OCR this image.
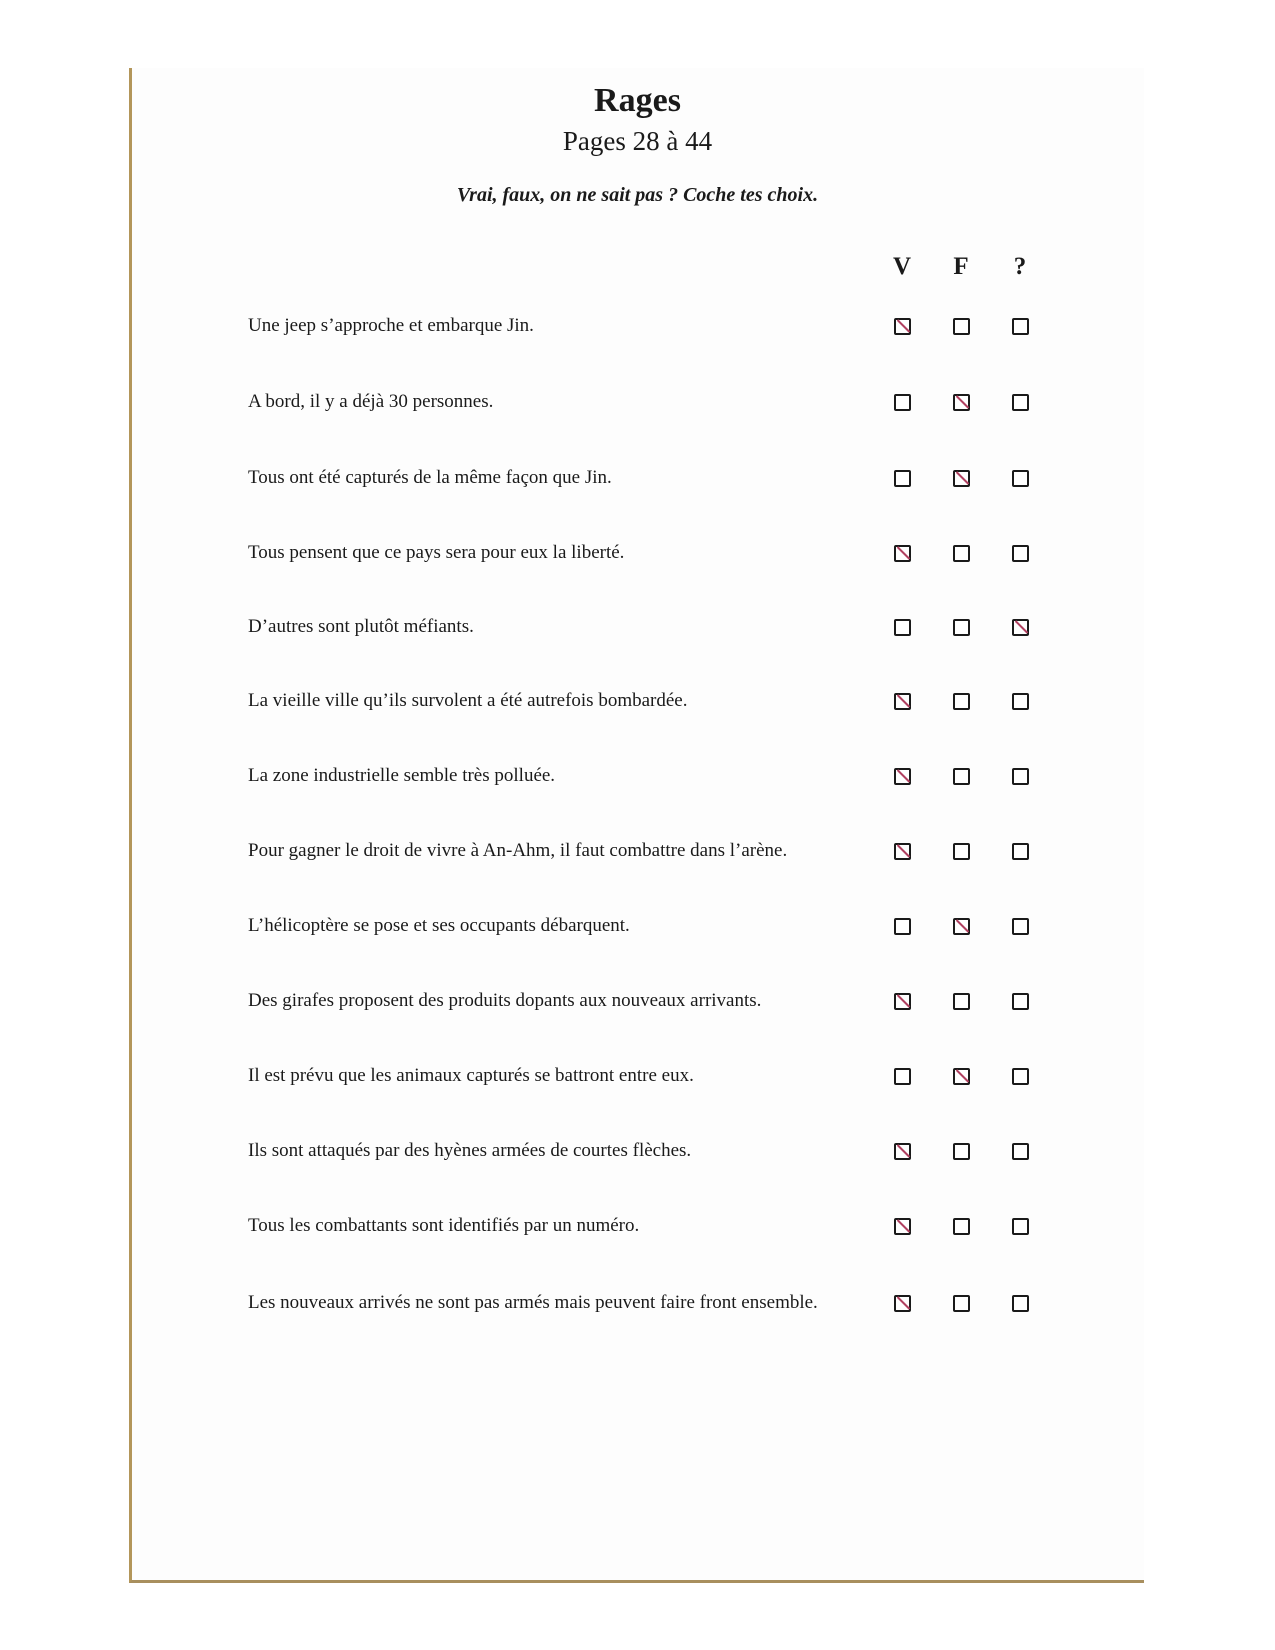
Rages
Pages 28 à 44
Vrai, faux, on ne sait pas ? Coche tes choix.
V	F	?
Une jeep s’approche et embarque Jin.
A bord, il y a déjà 30 personnes.
Tous ont été capturés de la même façon que Jin.
Tous pensent que ce pays sera pour eux la liberté.
D’autres sont plutôt méfiants.
La vieille ville qu’ils survolent a été autrefois bombardée.
La zone industrielle semble très polluée.
Pour gagner le droit de vivre à An-Ahm, il faut combattre dans l’arène.
L’hélicoptère se pose et ses occupants débarquent.
Des girafes proposent des produits dopants aux nouveaux arrivants.
Il est prévu que les animaux capturés se battront entre eux.
Ils sont attaqués par des hyènes armées de courtes flèches.
Tous les combattants sont identifiés par un numéro.
Les nouveaux arrivés ne sont pas armés mais peuvent faire front ensemble.
